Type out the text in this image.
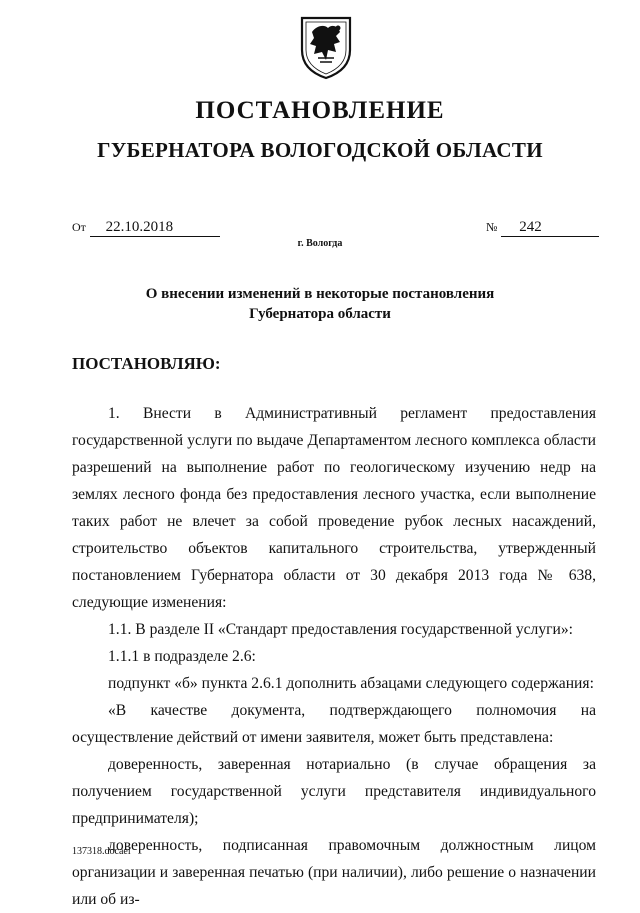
ПОСТАНОВЛЕНИЕ
ГУБЕРНАТОРА ВОЛОГОДСКОЙ ОБЛАСТИ
От 22.10.2018	№ 242
г. Вологда
О внесении изменений в некоторые постановления
Губернатора области
ПОСТАНОВЛЯЮ:

1. Внести в Административный регламент предоставления государственной услуги по выдаче Департаментом лесного комплекса области разрешений на выполнение работ по геологическому изучению недр на землях лесного фонда без предоставления лесного участка, если выполнение таких работ не влечет за собой проведение рубок лесных насаждений, строительство объектов капитального строительства, утвержденный постановлением Губернатора области от 30 декабря 2013 года № 638, следующие изменения:

1.1. В разделе II «Стандарт предоставления государственной услуги»:

1.1.1 в подразделе 2.6:

подпункт «б» пункта 2.6.1 дополнить абзацами следующего содержания:

«В качестве документа, подтверждающего полномочия на осуществление действий от имени заявителя, может быть представлена:

доверенность, заверенная нотариально (в случае обращения за получением государственной услуги представителя индивидуального предпринимателя);

доверенность, подписанная правомочным должностным лицом организации и заверенная печатью (при наличии), либо решение о назначении или об из-

137318.docaei
